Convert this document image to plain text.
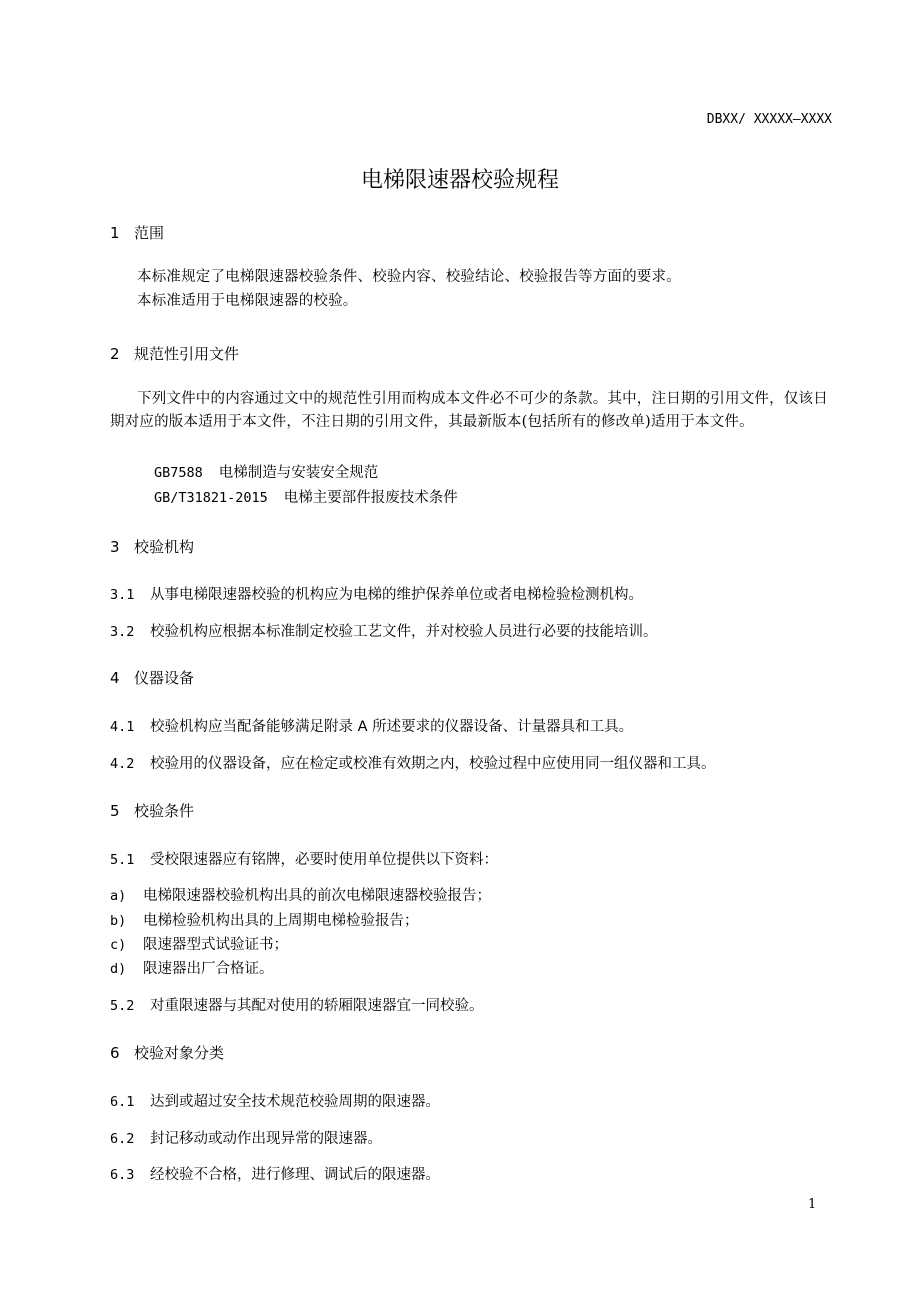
DBXX/ XXXXX—XXXX
电梯限速器校验规程
1 范围
本标准规定了电梯限速器校验条件、校验内容、校验结论、校验报告等方面的要求。
本标准适用于电梯限速器的校验。
2 规范性引用文件
下列文件中的内容通过文中的规范性引用而构成本文件必不可少的条款。其中，注日期的引用文件，仅该日期对应的版本适用于本文件，不注日期的引用文件，其最新版本(包括所有的修改单)适用于本文件。
GB7588 电梯制造与安装安全规范
GB/T31821-2015 电梯主要部件报废技术条件
3 校验机构
3.1 从事电梯限速器校验的机构应为电梯的维护保养单位或者电梯检验检测机构。
3.2 校验机构应根据本标准制定校验工艺文件，并对校验人员进行必要的技能培训。
4 仪器设备
4.1 校验机构应当配备能够满足附录 A 所述要求的仪器设备、计量器具和工具。
4.2 校验用的仪器设备，应在检定或校准有效期之内，校验过程中应使用同一组仪器和工具。
5 校验条件
5.1 受校限速器应有铭牌，必要时使用单位提供以下资料：
a) 电梯限速器校验机构出具的前次电梯限速器校验报告；
b) 电梯检验机构出具的上周期电梯检验报告；
c) 限速器型式试验证书；
d) 限速器出厂合格证。
5.2 对重限速器与其配对使用的轿厢限速器宜一同校验。
6 校验对象分类
6.1 达到或超过安全技术规范校验周期的限速器。
6.2 封记移动或动作出现异常的限速器。
6.3 经校验不合格，进行修理、调试后的限速器。
1
